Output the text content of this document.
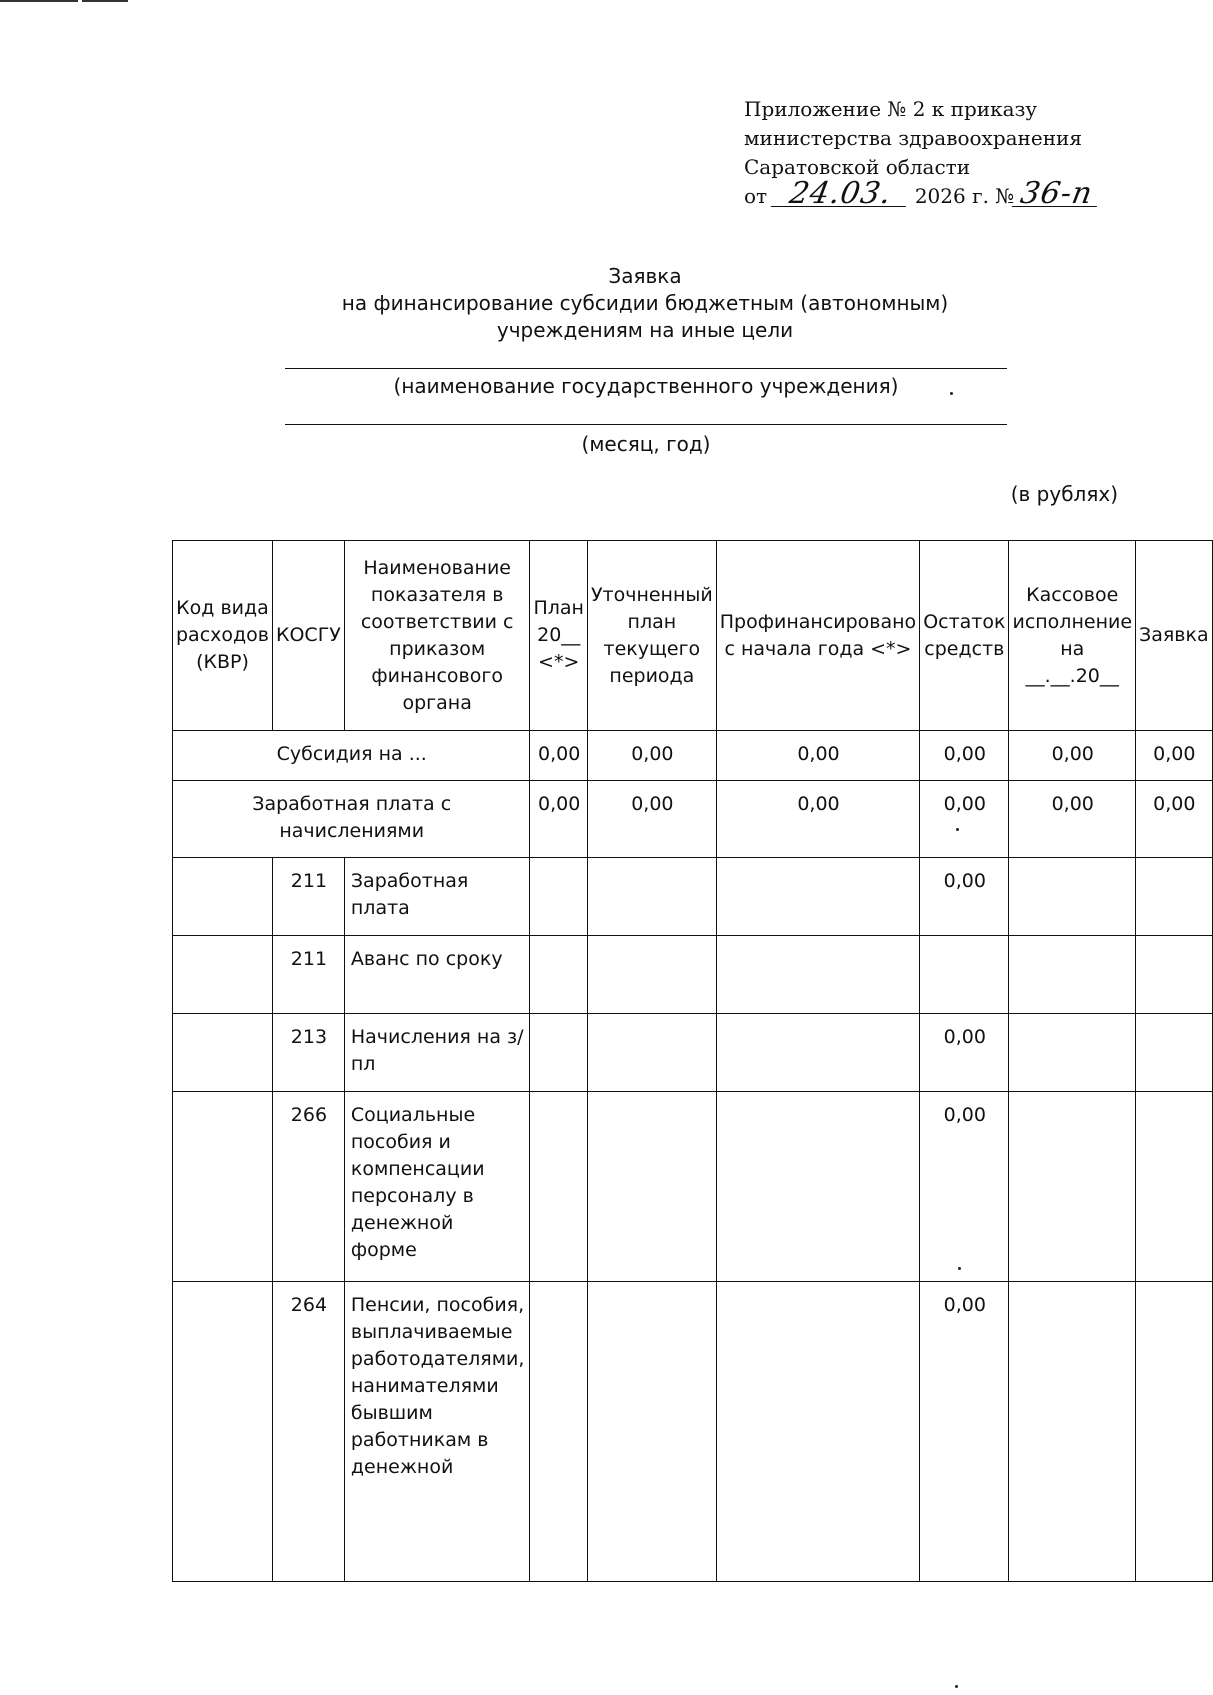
Приложение № 2 к приказу
министерства здравоохранения
Саратовской области
от 24.03. 2026 г. № 36-п
Заявка
на финансирование субсидии бюджетным (автономным)
учреждениям на иные цели
(наименование государственного учреждения)
(месяц, год)
(в рублях)
Код вида расходов (КВР)	КОСГУ	Наименование показателя в соответствии с приказом финансового органа	План 20__ <*>	Уточненный план текущего периода	Профинансировано с начала года <*>	Остаток средств	Кассовое исполнение на __.__.20__	Заявка
Субсидия на ...			0,00	0,00	0,00	0,00	0,00	0,00
Заработная плата с начислениями			0,00	0,00	0,00	0,00	0,00	0,00
	211	Заработная плата				0,00		
	211	Аванс по сроку						
	213	Начисления на з/пл				0,00		
	266	Социальные пособия и компенсации персоналу в денежной форме				0,00		
	264	Пенсии, пособия, выплачиваемые работодателями, нанимателями бывшим работникам в денежной				0,00		
